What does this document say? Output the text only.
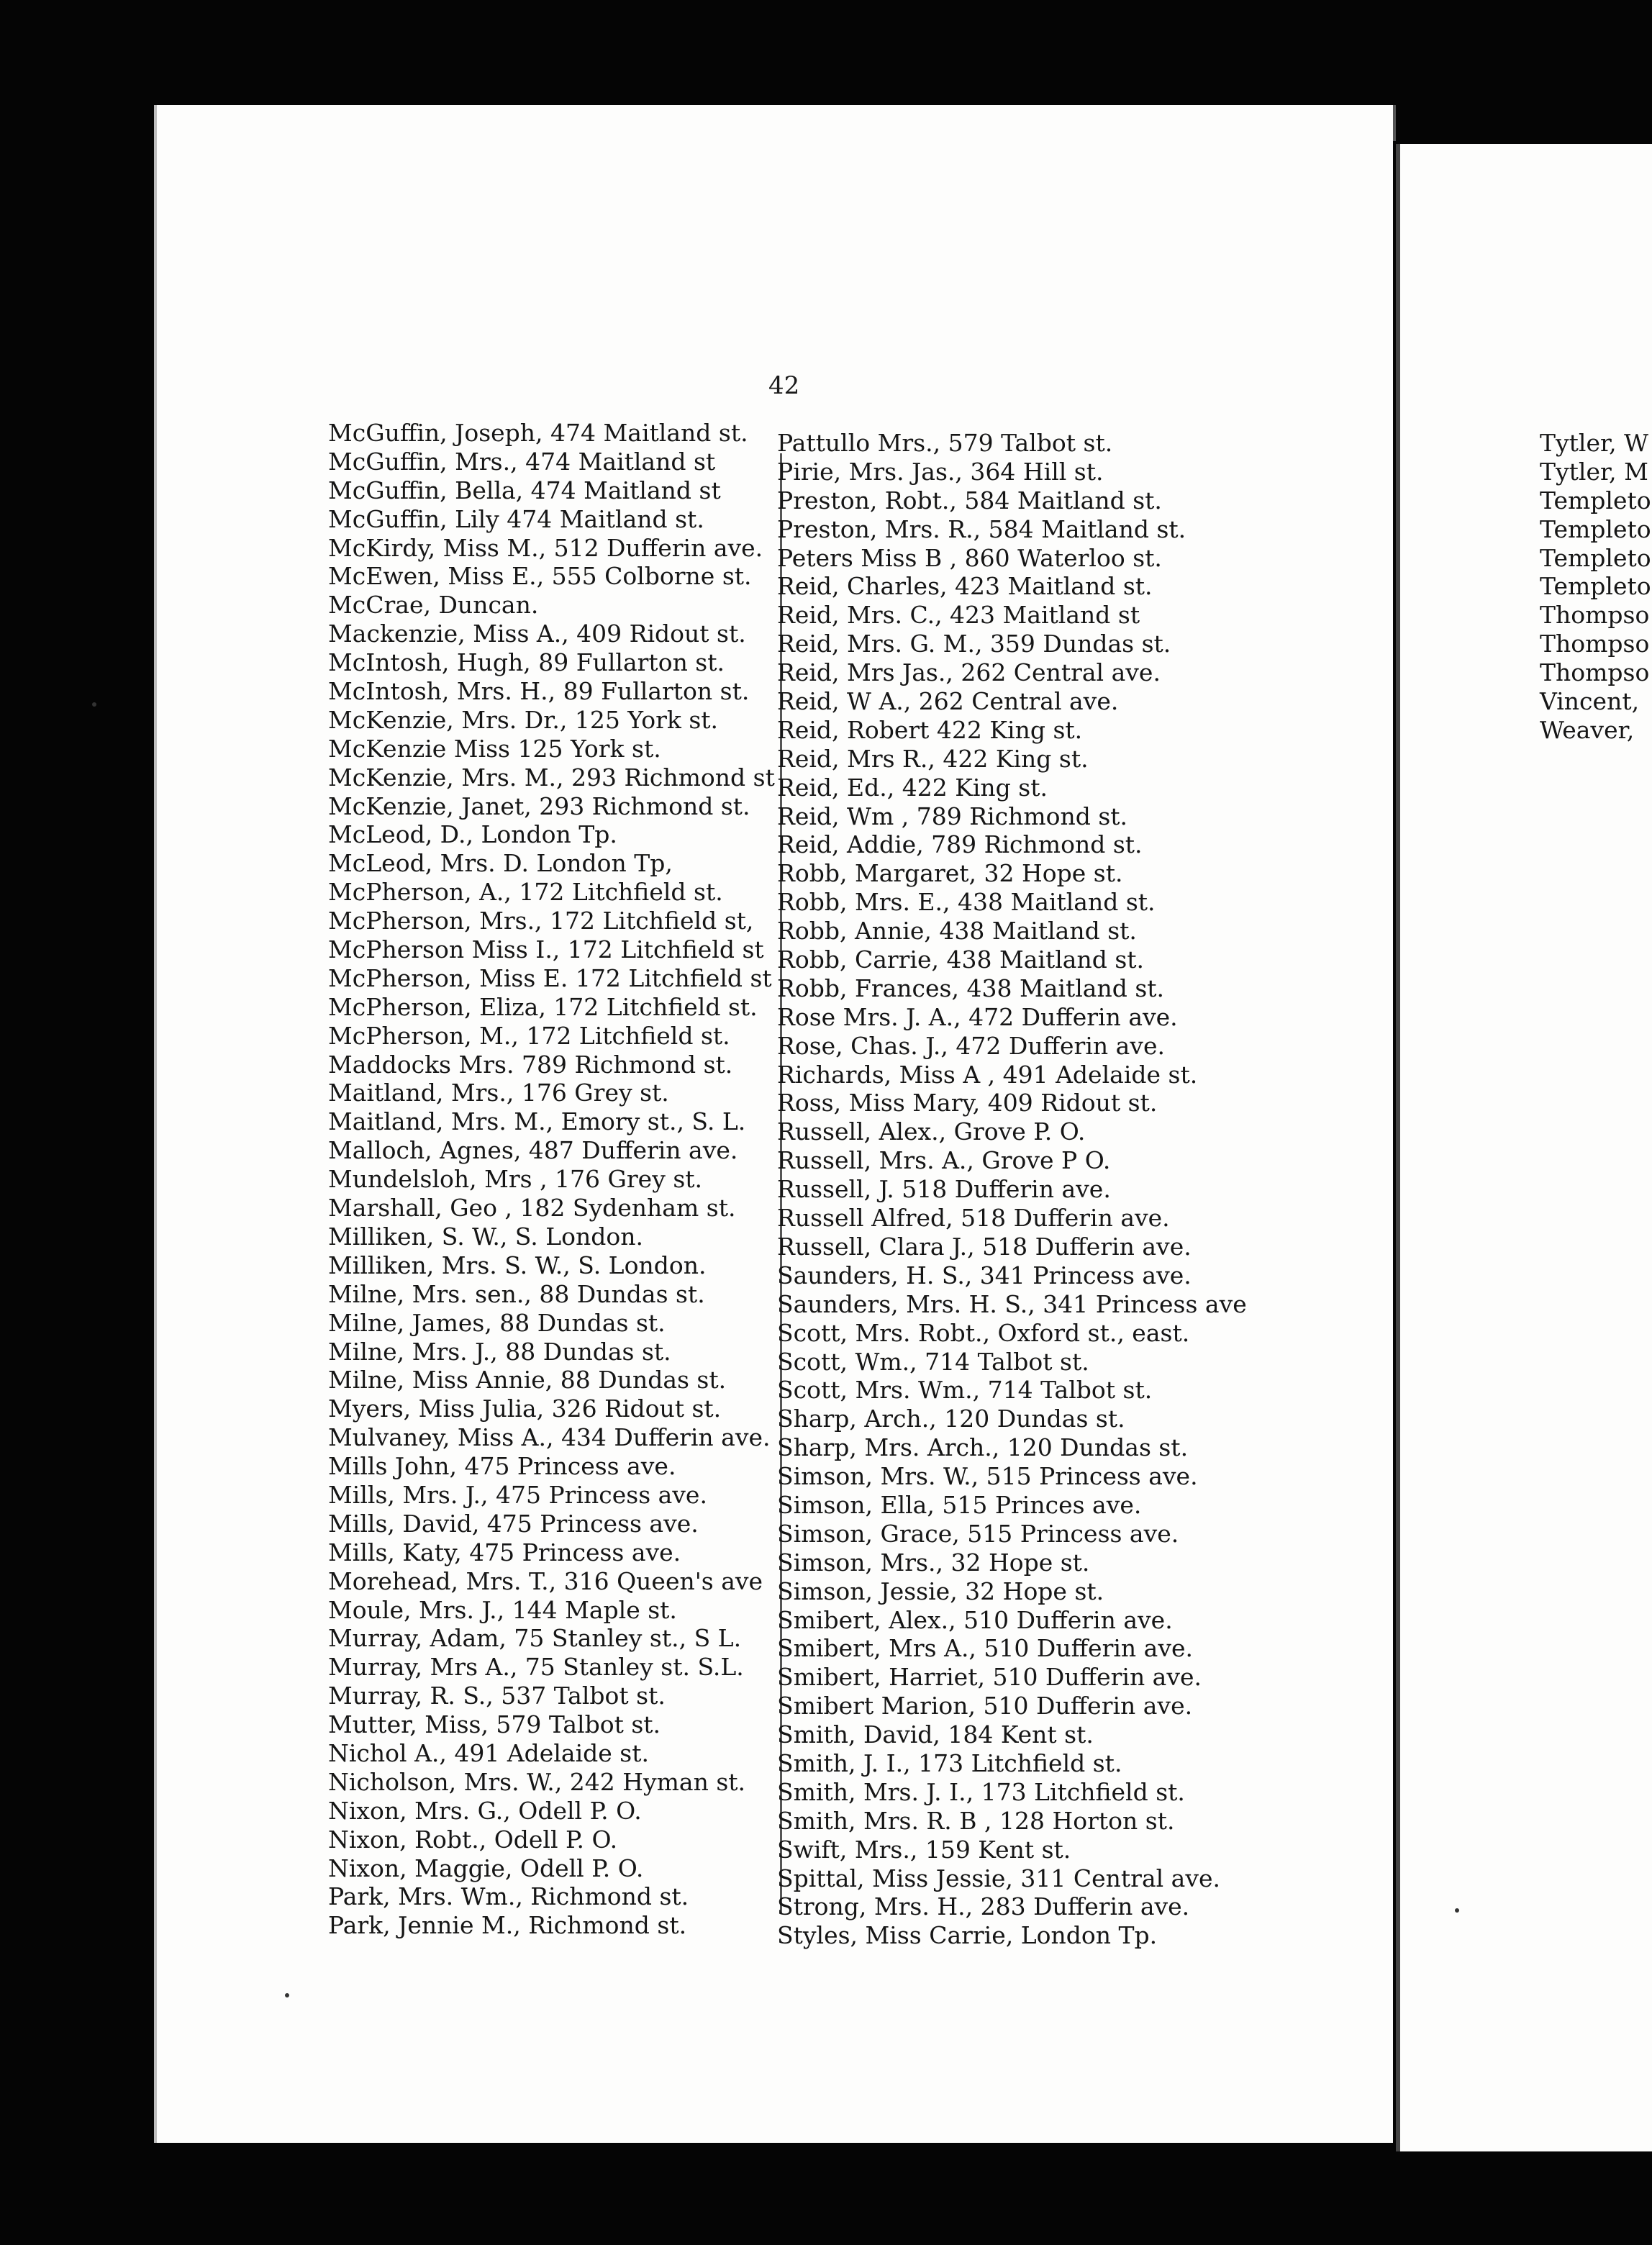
42
McGuffin, Joseph, 474 Maitland st.
McGuffin, Mrs., 474 Maitland st
McGuffin, Bella, 474 Maitland st
McGuffin, Lily 474 Maitland st.
McKirdy, Miss M., 512 Dufferin ave.
McEwen, Miss E., 555 Colborne st.
McCrae, Duncan.
Mackenzie, Miss A., 409 Ridout st.
McIntosh, Hugh, 89 Fullarton st.
McIntosh, Mrs. H., 89 Fullarton st.
McKenzie, Mrs. Dr., 125 York st.
McKenzie Miss 125 York st.
McKenzie, Mrs. M., 293 Richmond st
McKenzie, Janet, 293 Richmond st.
McLeod, D., London Tp.
McLeod, Mrs. D. London Tp,
McPherson, A., 172 Litchfield st.
McPherson, Mrs., 172 Litchfield st,
McPherson Miss I., 172 Litchfield st
McPherson, Miss E. 172 Litchfield st
McPherson, Eliza, 172 Litchfield st.
McPherson, M., 172 Litchfield st.
Maddocks Mrs. 789 Richmond st.
Maitland, Mrs., 176 Grey st.
Maitland, Mrs. M., Emory st., S. L.
Malloch, Agnes, 487 Dufferin ave.
Mundelsloh, Mrs , 176 Grey st.
Marshall, Geo , 182 Sydenham st.
Milliken, S. W., S. London.
Milliken, Mrs. S. W., S. London.
Milne, Mrs. sen., 88 Dundas st.
Milne, James, 88 Dundas st.
Milne, Mrs. J., 88 Dundas st.
Milne, Miss Annie, 88 Dundas st.
Myers, Miss Julia, 326 Ridout st.
Mulvaney, Miss A., 434 Dufferin ave.
Mills John, 475 Princess ave.
Mills, Mrs. J., 475 Princess ave.
Mills, David, 475 Princess ave.
Mills, Katy, 475 Princess ave.
Morehead, Mrs. T., 316 Queen's ave
Moule, Mrs. J., 144 Maple st.
Murray, Adam, 75 Stanley st., S L.
Murray, Mrs A., 75 Stanley st. S.L.
Murray, R. S., 537 Talbot st.
Mutter, Miss, 579 Talbot st.
Nichol A., 491 Adelaide st.
Nicholson, Mrs. W., 242 Hyman st.
Nixon, Mrs. G., Odell P. O.
Nixon, Robt., Odell P. O.
Nixon, Maggie, Odell P. O.
Park, Mrs. Wm., Richmond st.
Park, Jennie M., Richmond st.
Pattullo Mrs., 579 Talbot st.
Pirie, Mrs. Jas., 364 Hill st.
Preston, Robt., 584 Maitland st.
Preston, Mrs. R., 584 Maitland st.
Peters Miss B , 860 Waterloo st.
Reid, Charles, 423 Maitland st.
Reid, Mrs. C., 423 Maitland st
Reid, Mrs. G. M., 359 Dundas st.
Reid, Mrs Jas., 262 Central ave.
Reid, W A., 262 Central ave.
Reid, Robert 422 King st.
Reid, Mrs R., 422 King st.
Reid, Ed., 422 King st.
Reid, Wm , 789 Richmond st.
Reid, Addie, 789 Richmond st.
Robb, Margaret, 32 Hope st.
Robb, Mrs. E., 438 Maitland st.
Robb, Annie, 438 Maitland st.
Robb, Carrie, 438 Maitland st.
Robb, Frances, 438 Maitland st.
Rose Mrs. J. A., 472 Dufferin ave.
Rose, Chas. J., 472 Dufferin ave.
Richards, Miss A , 491 Adelaide st.
Ross, Miss Mary, 409 Ridout st.
Russell, Alex., Grove P. O.
Russell, Mrs. A., Grove P O.
Russell, J. 518 Dufferin ave.
Russell Alfred, 518 Dufferin ave.
Russell, Clara J., 518 Dufferin ave.
Saunders, H. S., 341 Princess ave.
Saunders, Mrs. H. S., 341 Princess ave
Scott, Mrs. Robt., Oxford st., east.
Scott, Wm., 714 Talbot st.
Scott, Mrs. Wm., 714 Talbot st.
Sharp, Arch., 120 Dundas st.
Sharp, Mrs. Arch., 120 Dundas st.
Simson, Mrs. W., 515 Princess ave.
Simson, Ella, 515 Princes ave.
Simson, Grace, 515 Princess ave.
Simson, Mrs., 32 Hope st.
Simson, Jessie, 32 Hope st.
Smibert, Alex., 510 Dufferin ave.
Smibert, Mrs A., 510 Dufferin ave.
Smibert, Harriet, 510 Dufferin ave.
Smibert Marion, 510 Dufferin ave.
Smith, David, 184 Kent st.
Smith, J. I., 173 Litchfield st.
Smith, Mrs. J. I., 173 Litchfield st.
Smith, Mrs. R. B , 128 Horton st.
Swift, Mrs., 159 Kent st.
Spittal, Miss Jessie, 311 Central ave.
Strong, Mrs. H., 283 Dufferin ave.
Styles, Miss Carrie, London Tp.
Tytler, W
Tytler, M
Templeto
Templeto
Templeto
Templeto
Thompso
Thompso
Thompso
Vincent,
Weaver,
